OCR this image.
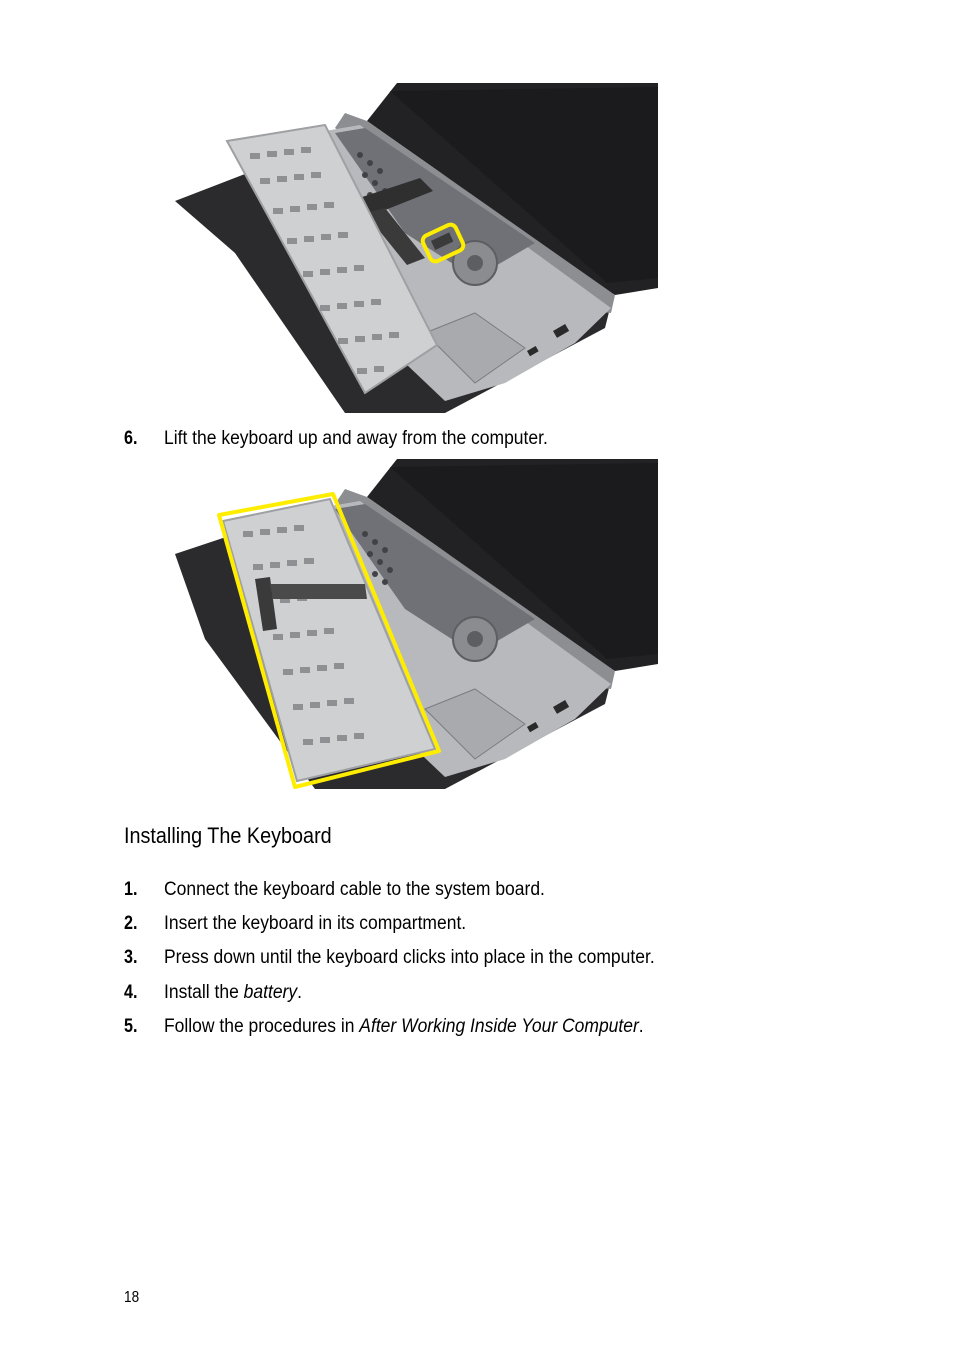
6. Lift the keyboard up and away from the computer.
Installing The Keyboard
1. Connect the keyboard cable to the system board.
2. Insert the keyboard in its compartment.
3. Press down until the keyboard clicks into place in the computer.
4. Install the battery.
5. Follow the procedures in After Working Inside Your Computer.
18
